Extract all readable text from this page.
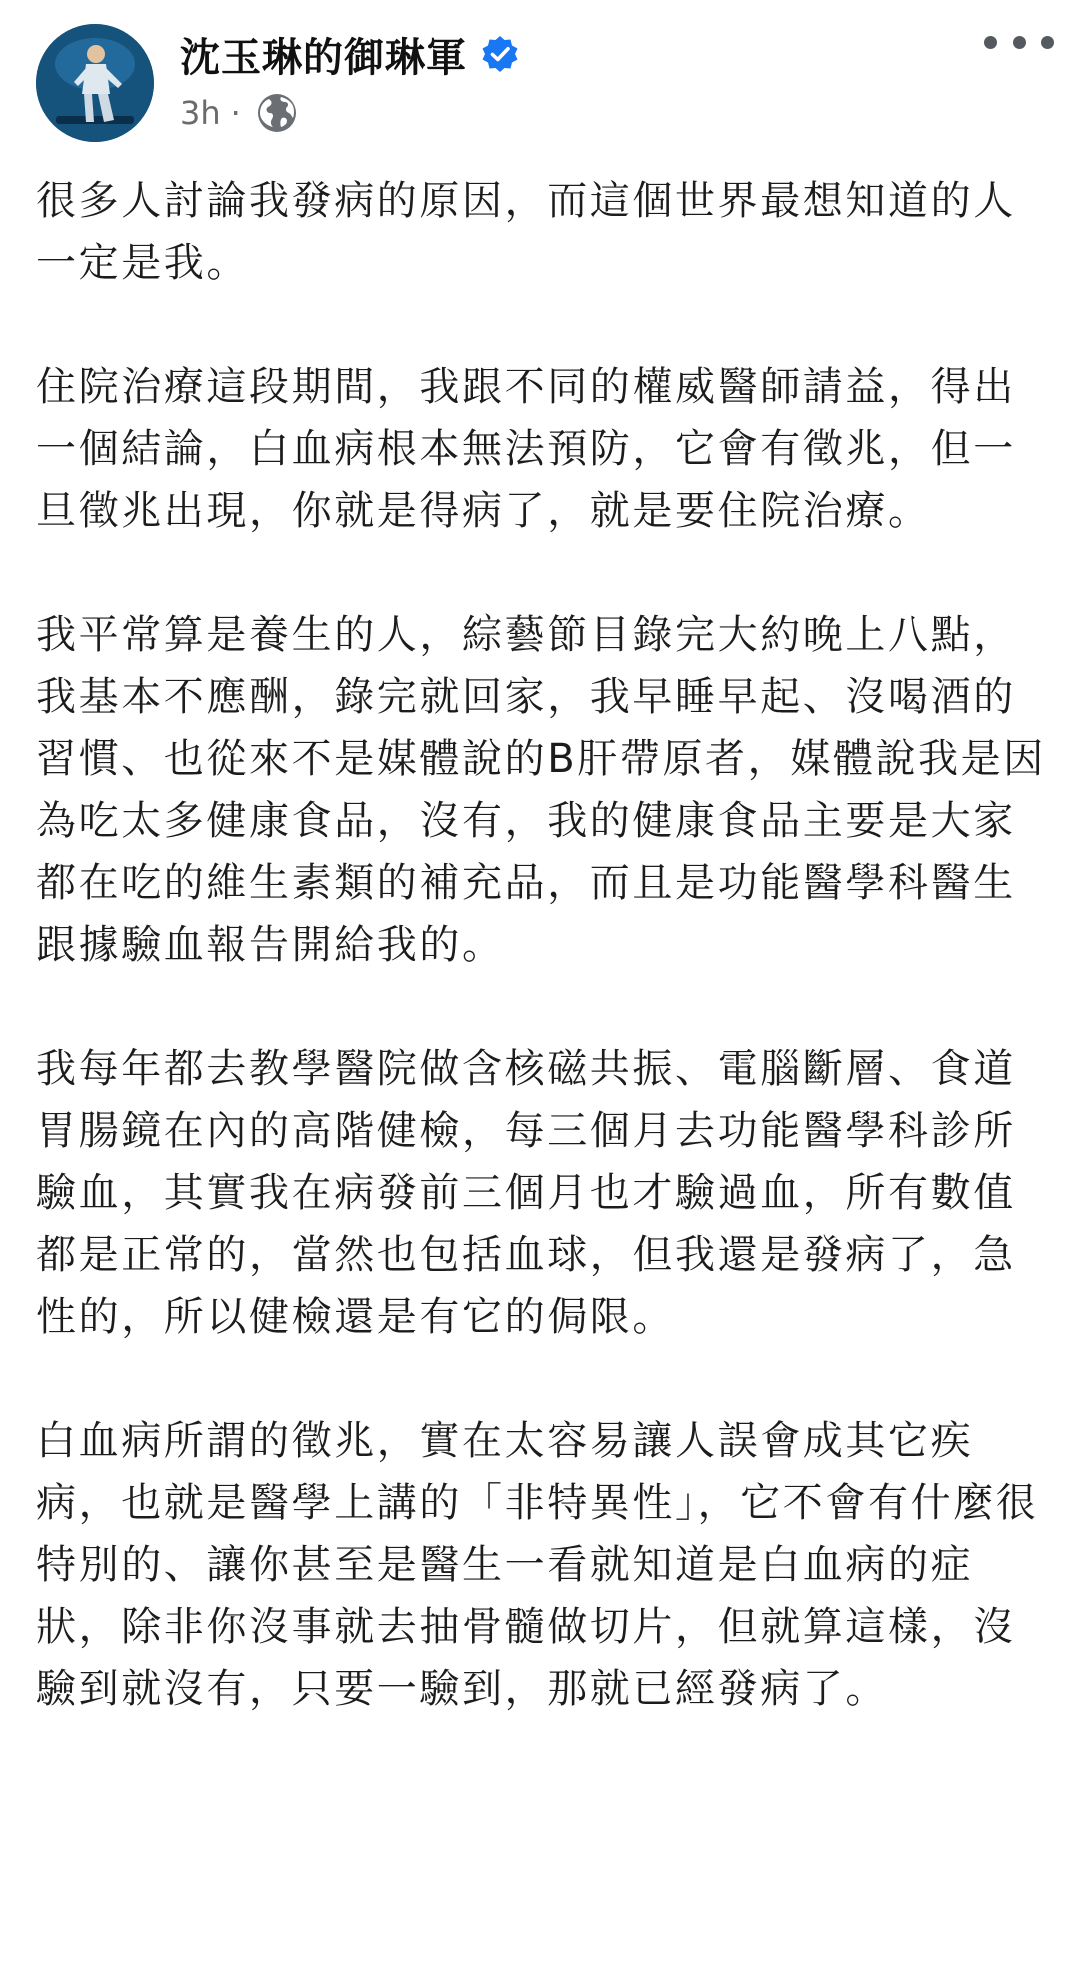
沈玉琳的御琳軍
3h ·

很多人討論我發病的原因，而這個世界最想知道的人一定是我。

住院治療這段期間，我跟不同的權威醫師請益，得出一個結論，白血病根本無法預防，它會有徵兆，但一旦徵兆出現，你就是得病了，就是要住院治療。

我平常算是養生的人，綜藝節目錄完大約晚上八點，我基本不應酬，錄完就回家，我早睡早起、沒喝酒的習慣、也從來不是媒體說的B肝帶原者，媒體說我是因為吃太多健康食品，沒有，我的健康食品主要是大家都在吃的維生素類的補充品，而且是功能醫學科醫生跟據驗血報告開給我的。

我每年都去教學醫院做含核磁共振、電腦斷層、食道胃腸鏡在內的高階健檢，每三個月去功能醫學科診所驗血，其實我在病發前三個月也才驗過血，所有數值都是正常的，當然也包括血球，但我還是發病了，急性的，所以健檢還是有它的侷限。

白血病所謂的徵兆，實在太容易讓人誤會成其它疾病，也就是醫學上講的「非特異性」，它不會有什麼很特別的、讓你甚至是醫生一看就知道是白血病的症狀，除非你沒事就去抽骨髓做切片，但就算這樣，沒驗到就沒有，只要一驗到，那就已經發病了。
